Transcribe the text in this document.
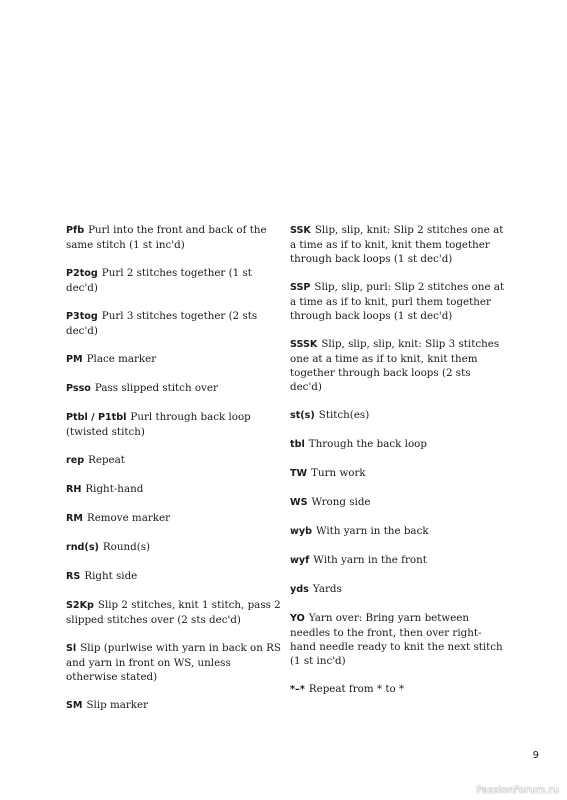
Pfb Purl into the front and back of the same stitch (1 st inc'd)

P2tog Purl 2 stitches together (1 st dec'd)

P3tog Purl 3 stitches together (2 sts dec'd)

PM Place marker

Psso Pass slipped stitch over

Ptbl / P1tbl Purl through back loop (twisted stitch)

rep Repeat

RH Right-hand

RM Remove marker

rnd(s) Round(s)

RS Right side

S2Kp Slip 2 stitches, knit 1 stitch, pass 2 slipped stitches over (2 sts dec'd)

Sl Slip (purlwise with yarn in back on RS and yarn in front on WS, unless otherwise stated)

SM Slip marker

SSK Slip, slip, knit: Slip 2 stitches one at a time as if to knit, knit them together through back loops (1 st dec'd)

SSP Slip, slip, purl: Slip 2 stitches one at a time as if to knit, purl them together through back loops (1 st dec'd)

SSSK Slip, slip, slip, knit: Slip 3 stitches one at a time as if to knit, knit them together through back loops (2 sts dec'd)

st(s) Stitch(es)

tbl Through the back loop

TW Turn work

WS Wrong side

wyb With yarn in the back

wyf With yarn in the front

yds Yards

YO Yarn over: Bring yarn between needles to the front, then over right-hand needle ready to knit the next stitch (1 st inc'd)

*–* Repeat from * to *

9
PassionForum.ru
